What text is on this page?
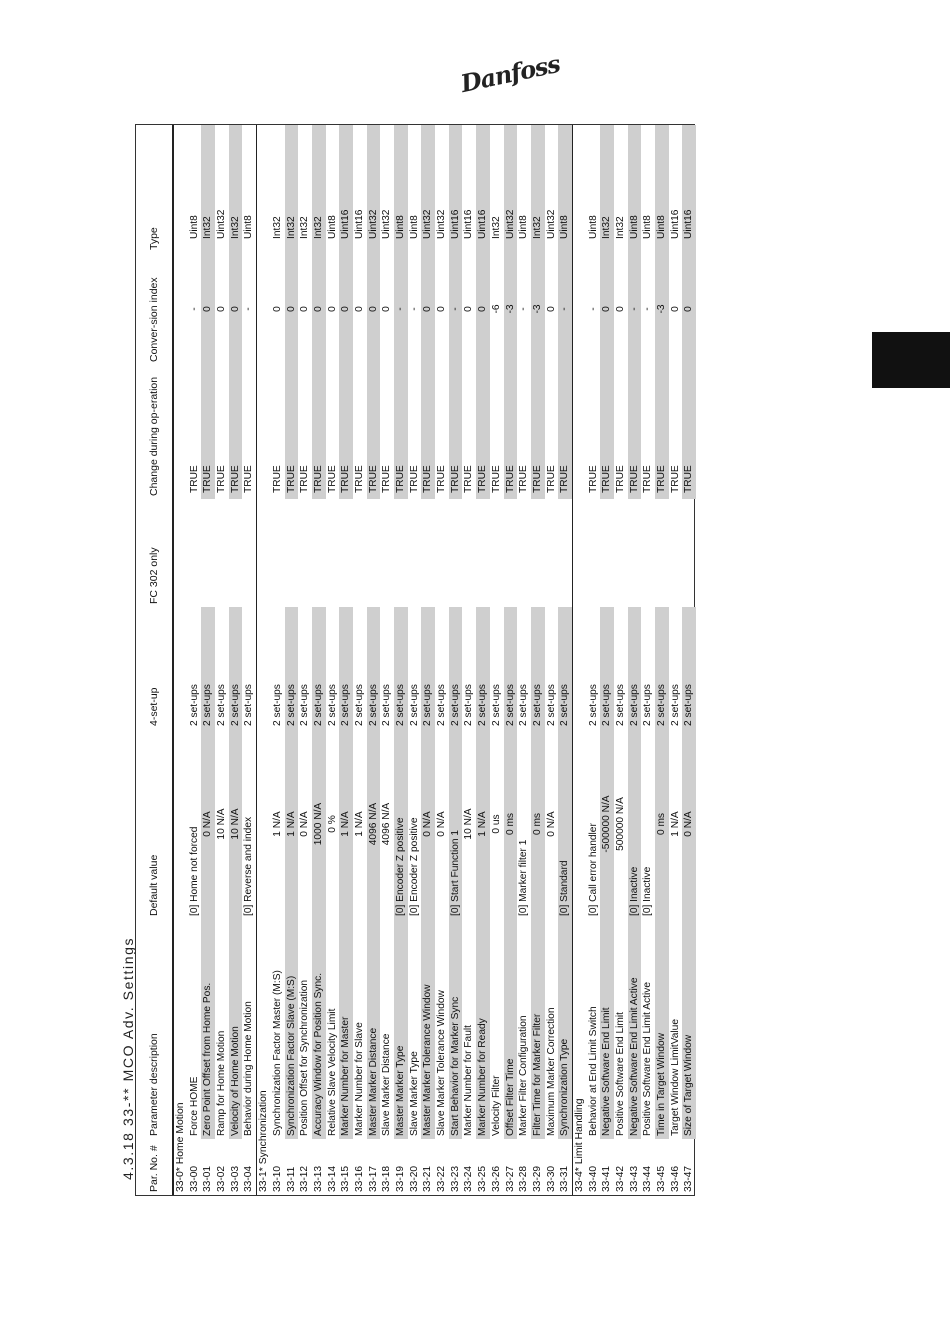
Danfoss
4.3.18 33-** MCO Adv. Settings	Par. No. #
Parameter description
Default value
4-set-up
FC 302 only
Change during op-eration
Conver-sion index
Type
33-0* Home Motion 33-00
Force HOME
[0] Home not forced
2 set-ups
TRUE
-
Uint8
33-01
Zero Point Offset from Home Pos.
0 N/A
2 set-ups
TRUE
0
Int32
33-02
Ramp for Home Motion
10 N/A
2 set-ups
TRUE
0
Uint32
33-03
Velocity of Home Motion
10 N/A
2 set-ups
TRUE
0
Int32
33-04
Behavior during Home Motion
[0] Reverse and index
2 set-ups
TRUE
-
Uint8
33-1* Synchronization 33-10
Synchronization Factor Master (M:S)
1 N/A
2 set-ups
TRUE
0
Int32
33-11
Synchronization Factor Slave (M:S)
1 N/A
2 set-ups
TRUE
0
Int32
33-12
Position Offset for Synchronization
0 N/A
2 set-ups
TRUE
0
Int32
33-13
Accuracy Window for Position Sync.
1000 N/A
2 set-ups
TRUE
0
Int32
33-14
Relative Slave Velocity Limit
0 %
2 set-ups
TRUE
0
Uint8
33-15
Marker Number for Master
1 N/A
2 set-ups
TRUE
0
Uint16
33-16
Marker Number for Slave
1 N/A
2 set-ups
TRUE
0
Uint16
33-17
Master Marker Distance
4096 N/A
2 set-ups
TRUE
0
Uint32
33-18
Slave Marker Distance
4096 N/A
2 set-ups
TRUE
0
Uint32
33-19
Master Marker Type
[0] Encoder Z positive
2 set-ups
TRUE
-
Uint8
33-20
Slave Marker Type
[0] Encoder Z positive
2 set-ups
TRUE
-
Uint8
33-21
Master Marker Tolerance Window
0 N/A
2 set-ups
TRUE
0
Uint32
33-22
Slave Marker Tolerance Window
0 N/A
2 set-ups
TRUE
0
Uint32
33-23
Start Behavior for Marker Sync
[0] Start Function 1
2 set-ups
TRUE
-
Uint16
33-24
Marker Number for Fault
10 N/A
2 set-ups
TRUE
0
Uint16
33-25
Marker Number for Ready
1 N/A
2 set-ups
TRUE
0
Uint16
33-26
Velocity Filter
0 us
2 set-ups
TRUE
-6
Int32
33-27
Offset Filter Time
0 ms
2 set-ups
TRUE
-3
Uint32
33-28
Marker Filter Configuration
[0] Marker filter 1
2 set-ups
TRUE
-
Uint8
33-29
Filter Time for Marker Filter
0 ms
2 set-ups
TRUE
-3
Int32
33-30
Maximum Marker Correction
0 N/A
2 set-ups
TRUE
0
Uint32
33-31
Synchronization Type
[0] Standard
2 set-ups
TRUE
-
Uint8
33-4* Limit Handling 33-40
Behavior at End Limit Switch
[0] Call error handler
2 set-ups
TRUE
-
Uint8
33-41
Negative Software End Limit
-500000 N/A
2 set-ups
TRUE
0
Int32
33-42
Positive Software End Limit
500000 N/A
2 set-ups
TRUE
0
Int32
33-43
Negative Software End Limit Active
[0] Inactive
2 set-ups
TRUE
-
Uint8
33-44
Positive Software End Limit Active
[0] Inactive
2 set-ups
TRUE
-
Uint8
33-45
Time in Target Window
0 ms
2 set-ups
TRUE
-3
Uint8
33-46
Target Window LimitValue
1 N/A
2 set-ups
TRUE
0
Uint16
33-47
Size of Target Window
0 N/A
2 set-ups
TRUE
0
Uint16
